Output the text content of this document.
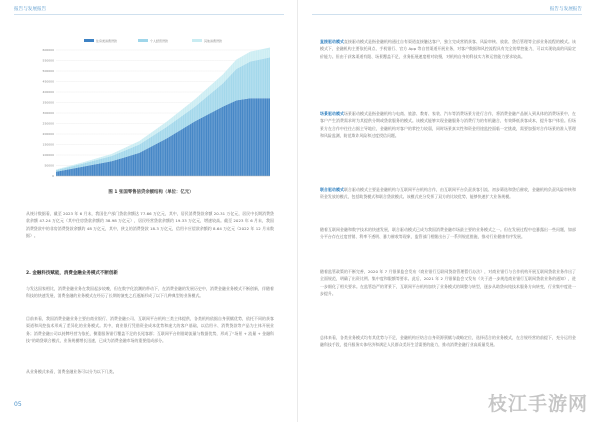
报告与发展报告
0
50000
100000
150000
200000
250000
300000
350000
400000
450000
500000
550000
600000
住房类消费贷款	个人经营贷款	其他消费贷款
图 1 张国零售信贷余额结构（单位：亿元）
从统计数据看，截至 2023 年 6 月末，我国住户部门贷款余额达 77.66 万亿元，其中，居民消费贷款余额 20.31 万亿元，居民中长期消费贷款余额 47.24 万亿元（其中住房贷款余额约 38.98 万亿元），居民经营贷款余额约 19.33 万亿元，增速较高。截至 2023 年 6 月末，我国消费贷款中的非房消费贷款余额约 48 万亿元，其中，狭义的消费贷款 18.3 万亿元，信用卡应偿款余额约 8.64 万亿元（2022 年 12 月末数据）。
2. 金融科技赋能，消费金融业务模式不断创新
与发达国家相比，消费金融业务在我国起步较晚，但在数字化浪潮的带动下，在消费金融的发展历史中，消费金融业务模式不断创新，伴随着科技的快速发展，消费金融的业务模式在经历了长期的演变之后逐渐形成了以下几种典型的业务模式。
目前来看，我国消费金融业务主要由商业银行、消费金融公司、互联网平台机构三类主体提供，各类机构依据自身禀赋优势，依托不同的获客渠道和风控技术形成了差异化的业务模式。其中，商业银行凭借资金成本优势和庞大的客户基础，以信用卡、消费贷款等产品为主体开展业务；消费金融公司以持牌经营为依托，侧重服务银行覆盖不足的长尾客群；互联网平台则借助流量与数据优势，形成了“场景 + 流量 + 金融科技”的助贷联合模式，业务规模增长迅速，已成为消费金融市场的重要组成部分。
从业务模式来看，消费金融业务可以分为以下几类。
05
报告与发展报告
直接驱动模式直接驱动模式是指金融机构通过自有渠道直接触达客户，独立完成营销获客、风险审核、放款、贷后管理等全部业务流程的模式。该模式下，金融机构主要依托网点、手机银行、官方 App 等自营渠道开展业务，对客户数据和风控流程具有完全的掌控能力，可以实现较高的风险定价能力。但由于获客渠道有限、场景覆盖不足，业务拓展速度相对较慢，对机构自身的科技实力和运营能力要求较高。
场景驱动模式场景驱动模式是指金融机构与电商、旅游、教育、家装、汽车等消费场景方进行合作，将消费金融产品嵌入到具体的消费场景中，在客户产生消费需求时为其提供分期或贷款服务的模式。该模式能够实现金融服务与消费行为的有机融合，有效降低获客成本，提升客户体验。但场景方在合作中往往占据主导地位，金融机构对客户的掌控力较弱，同时场景真实性和资金用途监控面临一定挑战，需要加强对合作场景的准入管理和风险监测，防范欺诈风险和过度授信问题。
联合驱动模式联合驱动模式主要是金融机构与互联网平台机构合作，由互联网平台负责获客引流、初步筛选和贷后催收，金融机构负责风险审核和资金发放的模式，包括助贷模式和联合贷款模式。该模式充分发挥了双方的比较优势，能够快速扩大业务规模。
随着互联网金融和数字技术的快速发展，联合驱动模式已成为我国消费金融市场最主要的业务模式之一。但在发展过程中也暴露出一些问题，如部分平台存在过度营销、利率不透明、暴力催收等现象，监管部门相继出台了一系列规范措施，推动行业健康有序发展。
随着监管政策的不断完善，2020 年 7 月银保监会发布《商业银行互联网贷款管理暂行办法》，对商业银行与合作机构开展互联网贷款业务作出了全面规范，明确了出资比例、集中度和限额等要求。此后，2021 年 2 月银保监会又发布《关于进一步规范商业银行互联网贷款业务的通知》，进一步细化了相关要求。在监管趋严的背景下，互联网平台机构加快了业务模式的调整与转型，逐步从助贷向纯技术服务方向转变，行业集中度进一步提升。
总体来看，各类业务模式均有其优势与不足，金融机构应结合自身资源禀赋与战略定位，选择适合的业务模式，在合规经营的前提下，充分运用金融科技手段，提升服务实体经济和满足人民群众美好生活需要的能力，推动消费金融行业高质量发展。
枝江手游网
